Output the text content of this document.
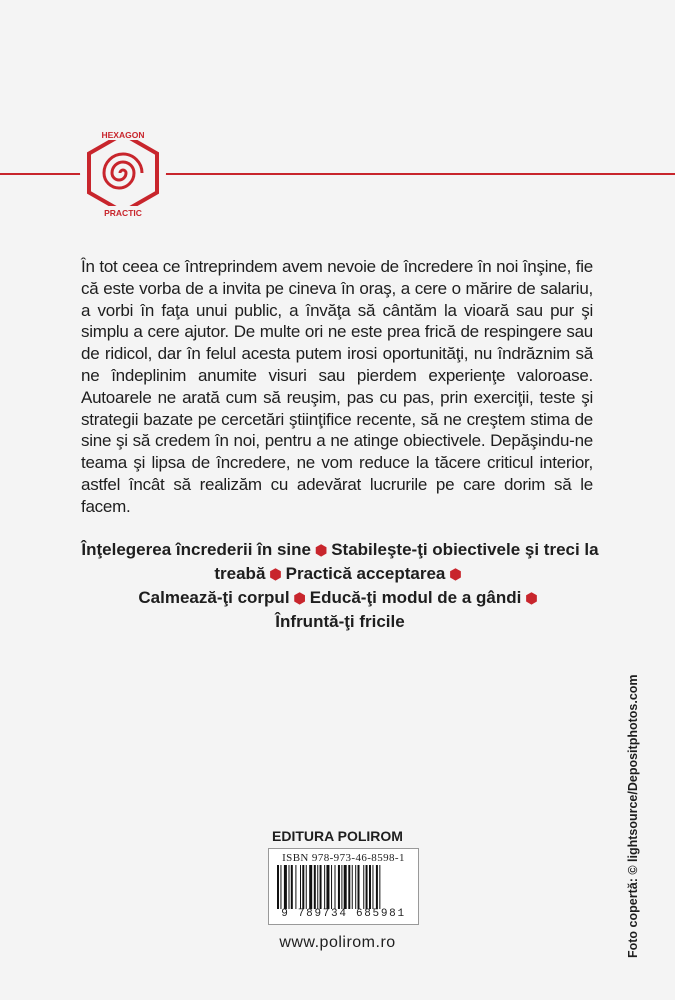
HEXAGON
PRACTIC

În tot ceea ce întreprindem avem nevoie de încredere în noi înşine, fie că este vorba de a invita pe cineva în oraş, a cere o mărire de salariu, a vorbi în faţa unui public, a învăţa să cântăm la vioară sau pur şi simplu a cere ajutor. De multe ori ne este prea frică de respingere sau de ridicol, dar în felul acesta putem irosi oportunităţi, nu îndrăznim să ne îndeplinim anumite visuri sau pierdem experienţe valoroase. Autoarele ne arată cum să reuşim, pas cu pas, prin exerciţii, teste şi strategii bazate pe cercetări ştiinţifice recente, să ne creştem stima de sine şi să credem în noi, pentru a ne atinge obiectivele. Depăşindu-ne teama şi lipsa de încredere, ne vom reduce la tăcere criticul interior, astfel încât să realizăm cu adevărat lucrurile pe care dorim să le facem.

Înţelegerea încrederii în sine ⬢ Stabileşte-ţi obiectivele şi treci la treabă ⬢ Practică acceptarea ⬢
Calmează-ţi corpul ⬢ Educă-ţi modul de a gândi ⬢
Înfruntă-ţi fricile
EDITURA POLIROM
ISBN 978-973-46-8598-1
9 789734 685981
www.polirom.ro	Foto copertă: © lightsource/Depositphotos.com
